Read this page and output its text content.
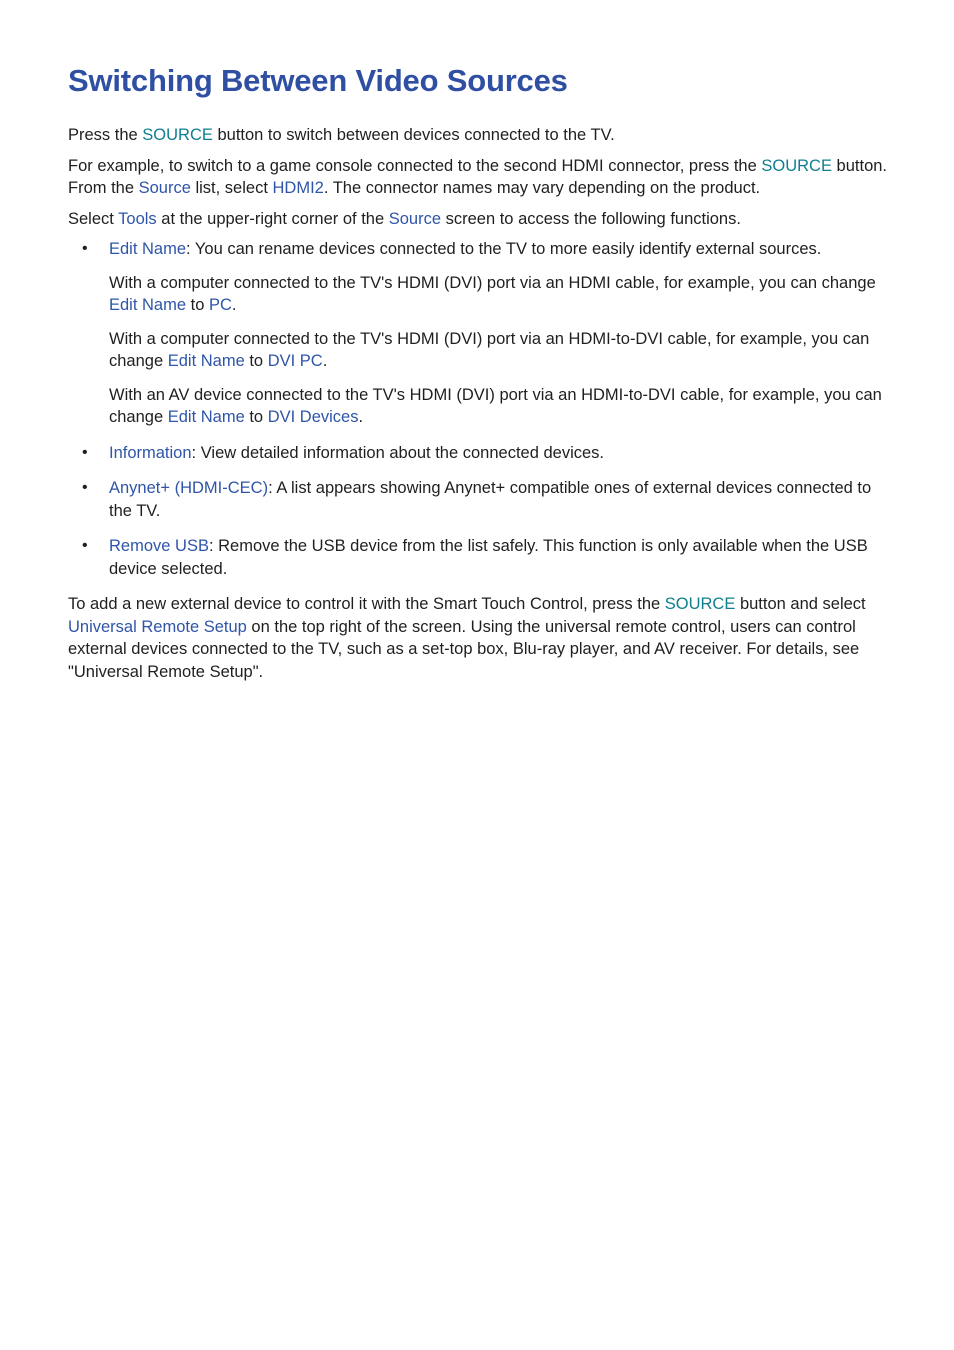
Switching Between Video Sources

Press the SOURCE button to switch between devices connected to the TV.

For example, to switch to a game console connected to the second HDMI connector, press the SOURCE button. From the Source list, select HDMI2. The connector names may vary depending on the product.

Select Tools at the upper-right corner of the Source screen to access the following functions.

• Edit Name: You can rename devices connected to the TV to more easily identify external sources.

With a computer connected to the TV's HDMI (DVI) port via an HDMI cable, for example, you can change Edit Name to PC.

With a computer connected to the TV's HDMI (DVI) port via an HDMI-to-DVI cable, for example, you can change Edit Name to DVI PC.

With an AV device connected to the TV's HDMI (DVI) port via an HDMI-to-DVI cable, for example, you can change Edit Name to DVI Devices.

• Information: View detailed information about the connected devices.
• Anynet+ (HDMI-CEC): A list appears showing Anynet+ compatible ones of external devices connected to the TV.
• Remove USB: Remove the USB device from the list safely. This function is only available when the USB device selected.

To add a new external device to control it with the Smart Touch Control, press the SOURCE button and select Universal Remote Setup on the top right of the screen. Using the universal remote control, users can control external devices connected to the TV, such as a set-top box, Blu-ray player, and AV receiver. For details, see "Universal Remote Setup".
